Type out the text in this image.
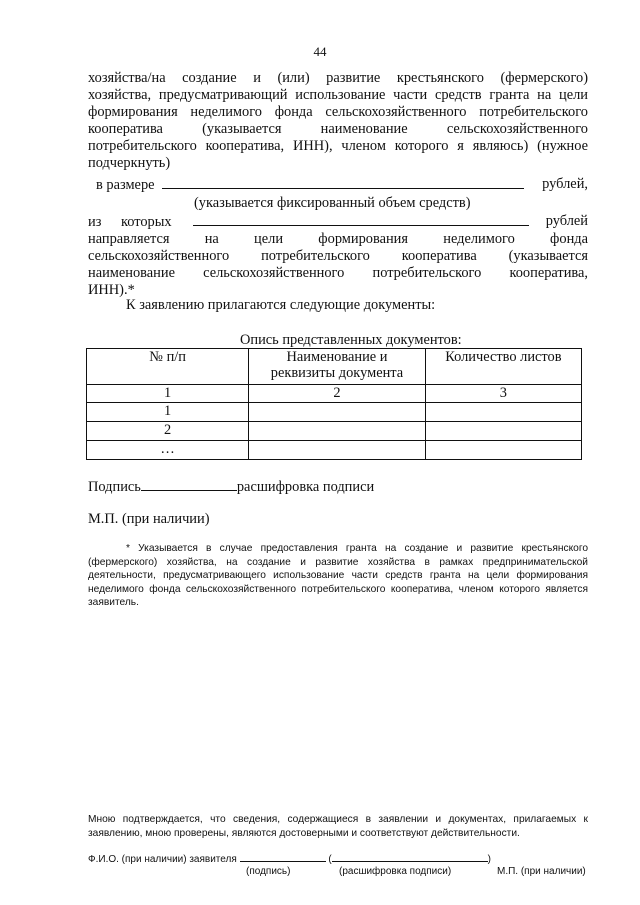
44
хозяйства/на создание и (или) развитие крестьянского (фермерского)
хозяйства, предусматривающий использование части средств гранта на цели
формирования неделимого фонда сельскохозяйственного потребительского
кооператива (указывается наименование сельскохозяйственного
потребительского кооператива, ИНН), членом которого я являюсь) (нужное
подчеркнуть)
в размере	рублей,
(указывается фиксированный объем средств)
из которых	рублей
направляется на цели формирования неделимого фонда
сельскохозяйственного потребительского кооператива (указывается
наименование сельскохозяйственного потребительского кооператива,
ИНН).*
К заявлению прилагаются следующие документы:
Опись представленных документов:
№ п/п	Наименование и реквизиты документа	Количество листов
1	2	3
1		
2		
…		
Подпись	расшифровка подписи
М.П. (при наличии)
* Указывается в случае предоставления гранта на создание и развитие крестьянского (фермерского) хозяйства, на создание и развитие хозяйства в рамках предпринимательской деятельности, предусматривающего использование части средств гранта на цели формирования неделимого фонда сельскохозяйственного потребительского кооператива, членом которого является заявитель.
Мною подтверждается, что сведения, содержащиеся в заявлении и документах, прилагаемых к заявлению, мною проверены, являются достоверными и соответствуют действительности.
Ф.И.О. (при наличии) заявителя	(	)
(подпись)	(расшифровка подписи)	М.П. (при наличии)
